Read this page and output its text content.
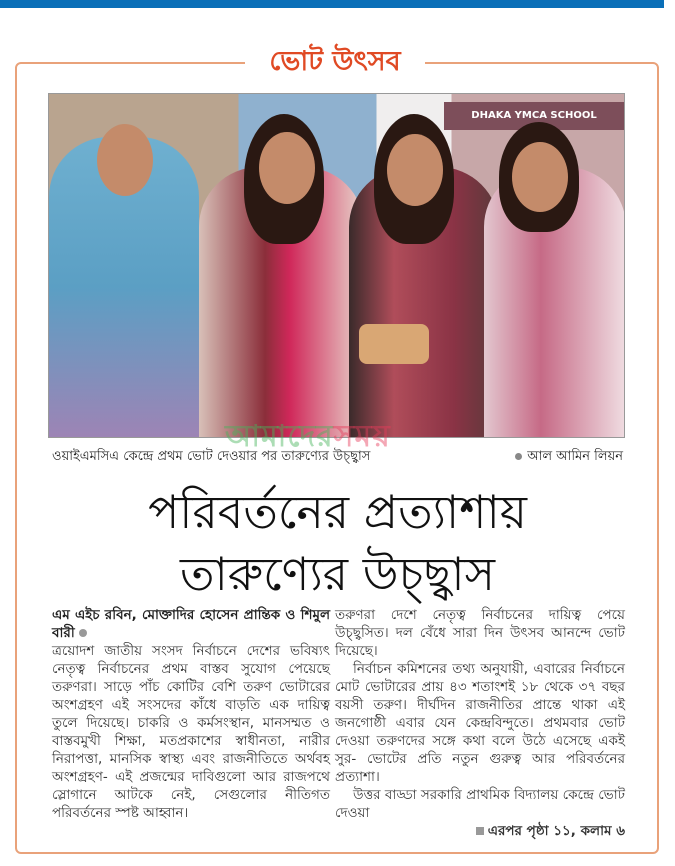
ভোট উৎসব
DHAKA YMCA SCHOOL
আমাদেরসময়
ওয়াইএমসিএ কেন্দ্রে প্রথম ভোট দেওয়ার পর তারুণ্যের উচ্ছ্বাস	আল আমিন লিয়ন
পরিবর্তনের প্রত্যাশায়
তারুণ্যের উচ্ছ্বাস

এম এইচ রবিন, মোক্তাদির হোসেন প্রান্তিক ও শিমুল বারী

ত্রয়োদশ জাতীয় সংসদ নির্বাচনে দেশের ভবিষ্যৎ নেতৃত্ব নির্বাচনের প্রথম বাস্তব সুযোগ পেয়েছে তরুণরা। সাড়ে পাঁচ কোটির বেশি তরুণ ভোটারের অংশগ্রহণ এই সংসদের কাঁধে বাড়তি এক দায়িত্ব তুলে দিয়েছে। চাকরি ও কর্মসংস্থান, মানসম্মত ও বাস্তবমুখী শিক্ষা, মতপ্রকাশের স্বাধীনতা, নারীর নিরাপত্তা, মানসিক স্বাস্থ্য এবং রাজনীতিতে অর্থবহ অংশগ্রহণ- এই প্রজন্মের দাবিগুলো আর রাজপথে স্লোগানে আটকে নেই, সেগুলোর নীতিগত পরিবর্তনের স্পষ্ট আহ্বান।

তরুণরা দেশে নেতৃত্ব নির্বাচনের দায়িত্ব পেয়ে উচ্ছ্বসিত। দল বেঁধে সারা দিন উৎসব আনন্দে ভোট দিয়েছে।

নির্বাচন কমিশনের তথ্য অনুযায়ী, এবারের নির্বাচনে মোট ভোটারের প্রায় ৪৩ শতাংশই ১৮ থেকে ৩৭ বছর বয়সী তরুণ। দীর্ঘদিন রাজনীতির প্রান্তে থাকা এই জনগোষ্ঠী এবার যেন কেন্দ্রবিন্দুতে। প্রথমবার ভোট দেওয়া তরুণদের সঙ্গে কথা বলে উঠে এসেছে একই সুর- ভোটের প্রতি নতুন গুরুত্ব আর পরিবর্তনের প্রত্যাশা।

উত্তর বাড্ডা সরকারি প্রাথমিক বিদ্যালয় কেন্দ্রে ভোট দেওয়া

এরপর পৃষ্ঠা ১১, কলাম ৬
